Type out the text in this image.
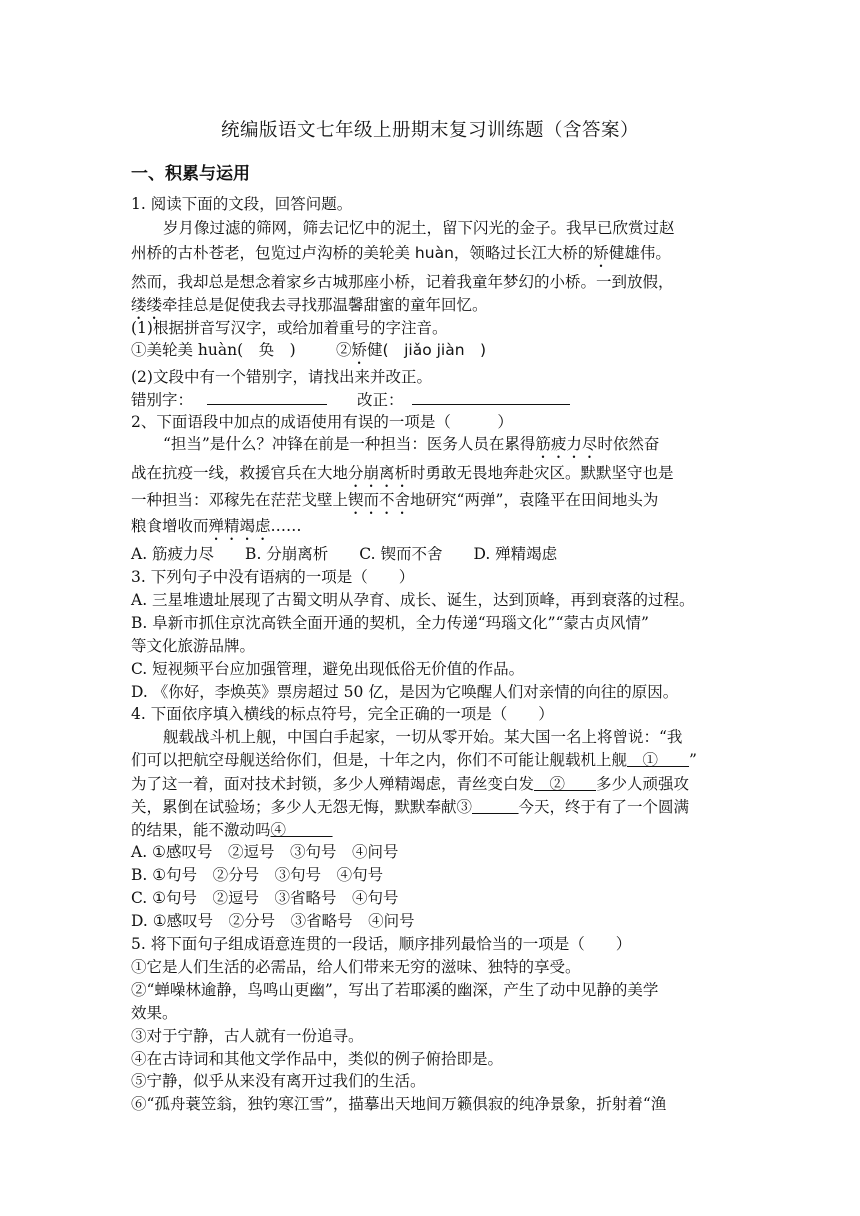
统编版语文七年级上册期末复习训练题（含答案）
一、积累与运用
1. 阅读下面的文段，回答问题。
岁月像过滤的筛网，筛去记忆中的泥土，留下闪光的金子。我早已欣赏过赵
州桥的古朴苍老，包览过卢沟桥的美轮美 huàn，领略过长江大桥的矫健雄伟。
然而，我却总是想念着家乡古城那座小桥，记着我童年梦幻的小桥。一到放假，
缕缕牵挂总是促使我去寻找那温馨甜蜜的童年回忆。
(1)根据拼音写汉字，或给加着重号的字注音。
①美轮美 huàn(　奂　)	②矫健(　jiǎo jiàn　)
(2)文段中有一个错别字，请找出来并改正。
错别字：	改正：
2、下面语段中加点的成语使用有误的一项是（　　　）
“担当”是什么？冲锋在前是一种担当：医务人员在累得筋疲力尽时依然奋
战在抗疫一线，救援官兵在大地分崩离析时勇敢无畏地奔赴灾区。默默坚守也是
一种担当：邓稼先在茫茫戈壁上锲而不舍地研究“两弹”，袁隆平在田间地头为
粮食增收而殚精竭虑……
A. 筋疲力尽　　B. 分崩离析　　C. 锲而不舍　　D. 殚精竭虑
3. 下列句子中没有语病的一项是（　　）
A. 三星堆遗址展现了古蜀文明从孕育、成长、诞生，达到顶峰，再到衰落的过程。
B. 阜新市抓住京沈高铁全面开通的契机，全力传递“玛瑙文化”“蒙古贞风情”
等文化旅游品牌。
C. 短视频平台应加强管理，避免出现低俗无价值的作品。
D. 《你好，李焕英》票房超过 50 亿，是因为它唤醒人们对亲情的向往的原因。
4. 下面依序填入横线的标点符号，完全正确的一项是（　　）
舰载战斗机上舰，中国白手起家，一切从零开始。某大国一名上将曾说：“我
们可以把航空母舰送给你们，但是，十年之内，你们不可能让舰载机上舰　①　　”
为了这一着，面对技术封锁，多少人殚精竭虑，青丝变白发　②　　多少人顽强攻
关，累倒在试验场；多少人无怨无悔，默默奉献③　　　	今天，终于有了一个圆满
的结果，能不激动吗④　　　
A. ①感叹号　②逗号　③句号　④问号
B. ①句号　②分号　③句号　④句号
C. ①句号　②逗号　③省略号　④句号
D. ①感叹号　②分号　③省略号　④问号
5. 将下面句子组成语意连贯的一段话，顺序排列最恰当的一项是（　　）
①它是人们生活的必需品，给人们带来无穷的滋味、独特的享受。
②“蝉噪林逾静，鸟鸣山更幽”，写出了若耶溪的幽深，产生了动中见静的美学
效果。
③对于宁静，古人就有一份追寻。
④在古诗词和其他文学作品中，类似的例子俯拾即是。
⑤宁静，似乎从来没有离开过我们的生活。
⑥“孤舟蓑笠翁，独钓寒江雪”，描摹出天地间万籁俱寂的纯净景象，折射着“渔
